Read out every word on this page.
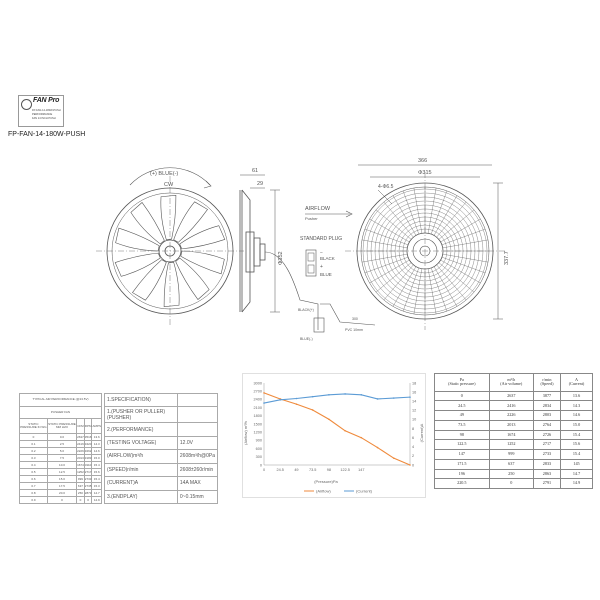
FAN Pro
FP-FAN-14-180W-PUSH
PERFORMANCE
FAN 14 INCH PUSH
FP-FAN-14-180W-PUSH
(+) BLUE(-)
CW
61
29
Φ352
AIRFLOW
Pusher
STANDARD PLUG
BLACK
+
BLUE
−
BLACK(+)
BLUE(-)
300
PVC 10mm
366
Φ315
4-Φ6.5
337.7
TYPICAL AIR PERFORMANCE (@13.5V)				
PUSHER FAN				
STATIC PRESSURE IN WG	STATIC PRESSURE MM H2O	CFM	RPM	AMPS
0	0.0	2637	3516	13.6
0.1	2.5	2416	3420	14.3
0.2	5.0	2226	3262	14.6
0.3	7.5	2013	3183	15.0
0.4	10.0	1674	3110	15.4
0.5	12.5	1252	2717	15.6
0.6	15.0	999	2733	15.4
0.7	17.5	637	2735	15.3
0.8	20.0	250	2873	14.7
0.9	0	0	0	14.9
1.SPECIFICATION)	
1.(PUSHER OR PULLER) (PUSHER)	
2.(PERFORMANCE)	
(TESTING VOLTAGE)	12.0V
(AIRFLOW)m³/h	2608m³/h@0Pa
(SPEED)r/min	2608±260r/min
(CURRENT)A	14A MAX
3.(ENDPLAY)	0~0.15mm
0
300
600
900
1200
1500
1800
2100
2400
2700
3000
0
2
4
6
8
10
12
14
16
18
0	24.5	49	73.5	98 122.5 147
(Airflow) m³/h	(Current)A
(Pressure)Pa
(Airflow)	(Current)
Pa
(Static pressure)	m³/h
(Air volume)	r/min
(Speed)	A
(Current)
0	2637	3877	13.6
24.5	2416	2834	14.3
49	2226	2803	14.6
73.5	2013	2764	15.0
98	1674	2726	15.4
122.5	1252	2717	15.6
147	999	2733	15.4
171.5	637	2833	145
196	250	2863	14.7
220.5	0	2791	14.9
